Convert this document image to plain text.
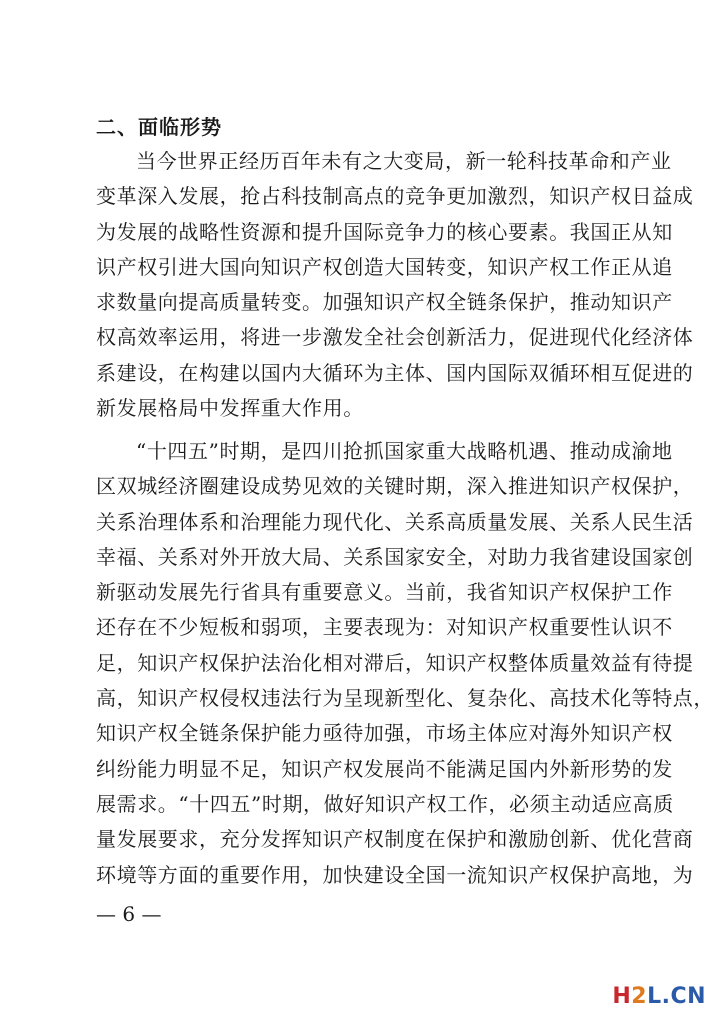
二、面临形势
当今世界正经历百年未有之大变局，新一轮科技革命和产业
变革深入发展，抢占科技制高点的竞争更加激烈，知识产权日益成
为发展的战略性资源和提升国际竞争力的核心要素。我国正从知
识产权引进大国向知识产权创造大国转变，知识产权工作正从追
求数量向提高质量转变。加强知识产权全链条保护，推动知识产
权高效率运用，将进一步激发全社会创新活力，促进现代化经济体
系建设，在构建以国内大循环为主体、国内国际双循环相互促进的
新发展格局中发挥重大作用。
“十四五”时期，是四川抢抓国家重大战略机遇、推动成渝地
区双城经济圈建设成势见效的关键时期，深入推进知识产权保护，
关系治理体系和治理能力现代化、关系高质量发展、关系人民生活
幸福、关系对外开放大局、关系国家安全，对助力我省建设国家创
新驱动发展先行省具有重要意义。当前，我省知识产权保护工作
还存在不少短板和弱项，主要表现为：对知识产权重要性认识不
足，知识产权保护法治化相对滞后，知识产权整体质量效益有待提
高，知识产权侵权违法行为呈现新型化、复杂化、高技术化等特点，
知识产权全链条保护能力亟待加强，市场主体应对海外知识产权
纠纷能力明显不足，知识产权发展尚不能满足国内外新形势的发
展需求。“十四五”时期，做好知识产权工作，必须主动适应高质
量发展要求，充分发挥知识产权制度在保护和激励创新、优化营商
环境等方面的重要作用，加快建设全国一流知识产权保护高地，为
— 6 —
H2L.CN
